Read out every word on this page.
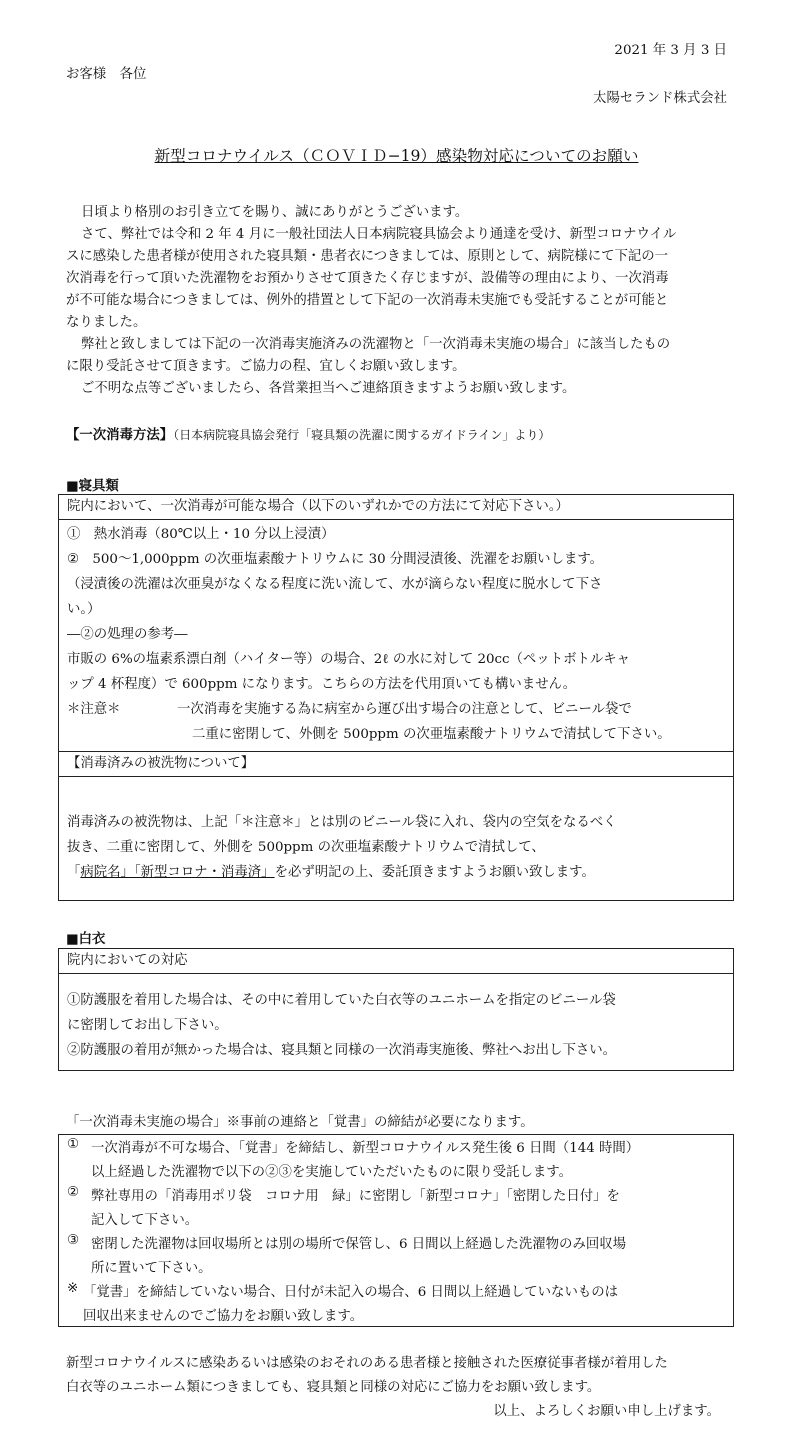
2021 年 3 月 3 日
お客様　各位
太陽セランド株式会社
新型コロナウイルス（ＣＯＶＩＤ−19）感染物対応についてのお願い
日頃より格別のお引き立てを賜り、誠にありがとうございます。
さて、弊社では令和 2 年 4 月に一般社団法人日本病院寝具協会より通達を受け、新型コロナウイル
スに感染した患者様が使用された寝具類・患者衣につきましては、原則として、病院様にて下記の一
次消毒を行って頂いた洗濯物をお預かりさせて頂きたく存じますが、設備等の理由により、一次消毒
が不可能な場合につきましては、例外的措置として下記の一次消毒未実施でも受託することが可能と
なりました。
弊社と致しましては下記の一次消毒実施済みの洗濯物と「一次消毒未実施の場合」に該当したもの
に限り受託させて頂きます。ご協力の程、宜しくお願い致します。
ご不明な点等ございましたら、各営業担当へご連絡頂きますようお願い致します。
【一次消毒方法】（日本病院寝具協会発行「寝具類の洗濯に関するガイドライン」より）
■寝具類
院内において、一次消毒が可能な場合（以下のいずれかでの方法にて対応下さい。）
①　熱水消毒（80℃以上・10 分以上浸漬）
②　500〜1,000ppm の次亜塩素酸ナトリウムに 30 分間浸漬後、洗濯をお願いします。
（浸漬後の洗濯は次亜臭がなくなる程度に洗い流して、水が滴らない程度に脱水して下さ
い。）
―②の処理の参考―
市販の 6%の塩素系漂白剤（ハイター等）の場合、2ℓ の水に対して 20cc（ペットボトルキャ
ップ 4 杯程度）で 600ppm になります。こちらの方法を代用頂いても構いません。
＊注意＊	一次消毒を実施する為に病室から運び出す場合の注意として、ビニール袋で
二重に密閉して、外側を 500ppm の次亜塩素酸ナトリウムで清拭して下さい。
【消毒済みの被洗物について】
消毒済みの被洗物は、上記「＊注意＊」とは別のビニール袋に入れ、袋内の空気をなるべく
抜き、二重に密閉して、外側を 500ppm の次亜塩素酸ナトリウムで清拭して、
「病院名」「新型コロナ・消毒済」を必ず明記の上、委託頂きますようお願い致します。
■白衣
院内においての対応
①防護服を着用した場合は、その中に着用していた白衣等のユニホームを指定のビニール袋
に密閉してお出し下さい。
②防護服の着用が無かった場合は、寝具類と同様の一次消毒実施後、弊社へお出し下さい。
「一次消毒未実施の場合」※事前の連絡と「覚書」の締結が必要になります。
① 一次消毒が不可な場合、「覚書」を締結し、新型コロナウイルス発生後 6 日間（144 時間）
以上経過した洗濯物で以下の②③を実施していただいたものに限り受託します。
② 弊社専用の「消毒用ポリ袋　コロナ用　緑」に密閉し「新型コロナ」「密閉した日付」を
記入して下さい。
③ 密閉した洗濯物は回収場所とは別の場所で保管し、6 日間以上経過した洗濯物のみ回収場
所に置いて下さい。
※ 「覚書」を締結していない場合、日付が未記入の場合、6 日間以上経過していないものは
回収出来ませんのでご協力をお願い致します。
新型コロナウイルスに感染あるいは感染のおそれのある患者様と接触された医療従事者様が着用した
白衣等のユニホーム類につきましても、寝具類と同様の対応にご協力をお願い致します。
以上、よろしくお願い申し上げます。
